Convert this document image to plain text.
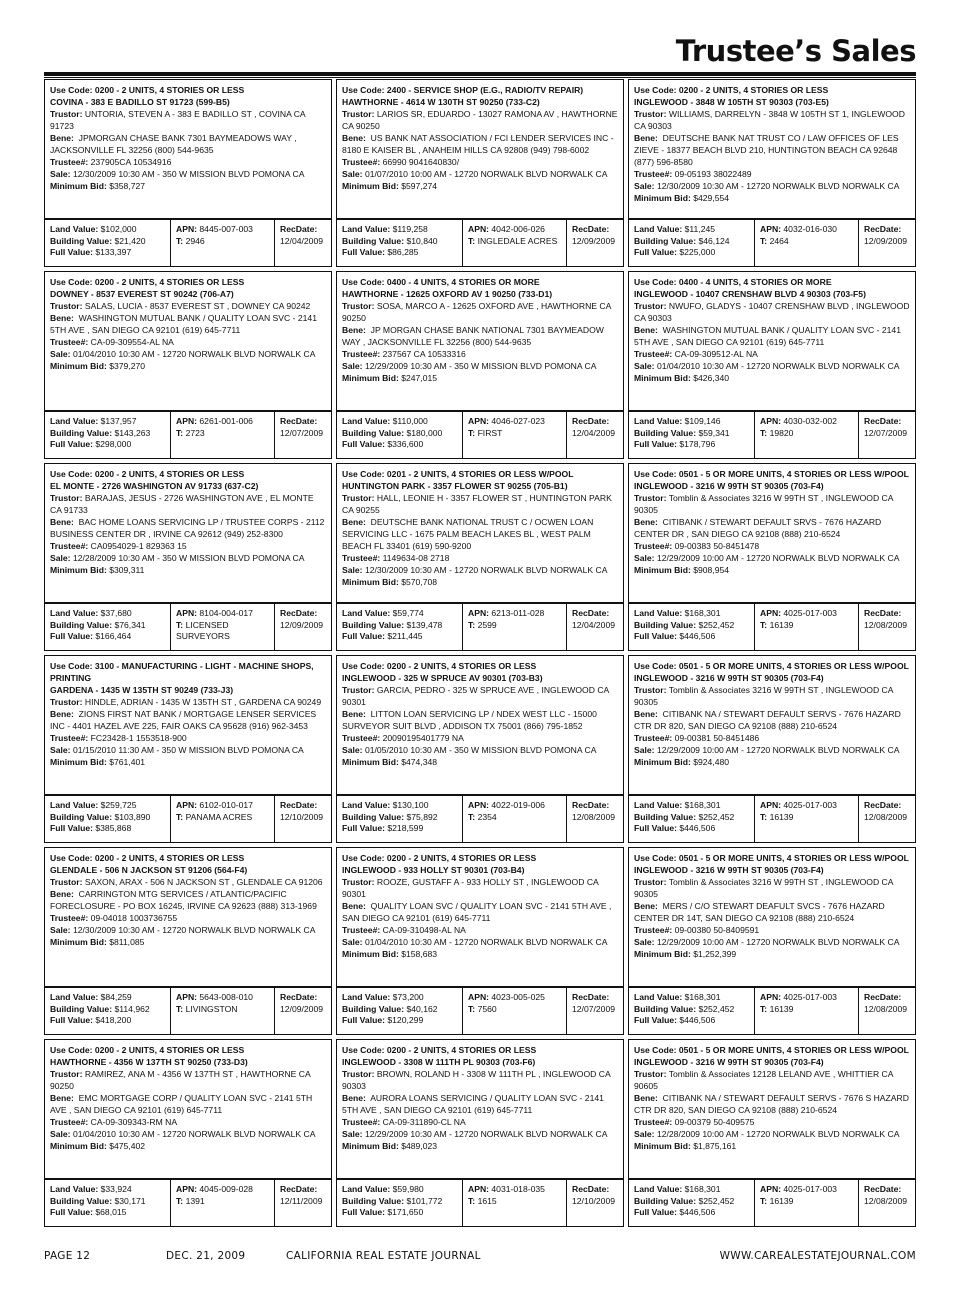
Trustee’s Sales
Use Code: 0200 - 2 UNITS, 4 STORIES OR LESS
COVINA - 383 E BADILLO ST 91723 (599-B5)
Trustor: UNTORIA, STEVEN A - 383 E BADILLO ST , COVINA CA 91723
Bene: JPMORGAN CHASE BANK 7301 BAYMEADOWS WAY , JACKSONVILLE FL 32256 (800) 544-9635
Trustee#: 237905CA 10534916
Sale: 12/30/2009 10:30 AM - 350 W MISSION BLVD POMONA CA
Minimum Bid: $358,727
Land Value: $102,000
Building Value: $21,420
Full Value: $133,397
APN: 8445-007-003
T: 2946
RecDate:
12/04/2009
Use Code: 2400 - SERVICE SHOP (E.G., RADIO/TV REPAIR)
HAWTHORNE - 4614 W 130TH ST 90250 (733-C2)
Trustor: LARIOS SR, EDUARDO - 13027 RAMONA AV , HAWTHORNE CA 90250
Bene: US BANK NAT ASSOCIATION / FCI LENDER SERVICES INC - 8180 E KAISER BL , ANAHEIM HILLS CA 92808 (949) 798-6002
Trustee#: 66990 9041640830/
Sale: 01/07/2010 10:00 AM - 12720 NORWALK BLVD NORWALK CA
Minimum Bid: $597,274
Land Value: $119,258
Building Value: $10,840
Full Value: $86,285
APN: 4042-006-026
T: INGLEDALE ACRES
RecDate:
12/09/2009
Use Code: 0200 - 2 UNITS, 4 STORIES OR LESS
INGLEWOOD - 3848 W 105TH ST 90303 (703-E5)
Trustor: WILLIAMS, DARRELYN - 3848 W 105TH ST 1, INGLEWOOD CA 90303
Bene: DEUTSCHE BANK NAT TRUST CO / LAW OFFICES OF LES ZIEVE - 18377 BEACH BLVD 210, HUNTINGTON BEACH CA 92648 (877) 596-8580
Trustee#: 09-05193 38022489
Sale: 12/30/2009 10:30 AM - 12720 NORWALK BLVD NORWALK CA
Minimum Bid: $429,554
Land Value: $11,245
Building Value: $46,124
Full Value: $225,000
APN: 4032-016-030
T: 2464
RecDate:
12/09/2009
Use Code: 0200 - 2 UNITS, 4 STORIES OR LESS
DOWNEY - 8537 EVEREST ST 90242 (706-A7)
Trustor: SALAS, LUCIA - 8537 EVEREST ST , DOWNEY CA 90242
Bene: WASHINGTON MUTUAL BANK / QUALITY LOAN SVC - 2141 5TH AVE , SAN DIEGO CA 92101 (619) 645-7711
Trustee#: CA-09-309554-AL NA
Sale: 01/04/2010 10:30 AM - 12720 NORWALK BLVD NORWALK CA
Minimum Bid: $379,270
Land Value: $137,957
Building Value: $143,263
Full Value: $298,000
APN: 6261-001-006
T: 2723
RecDate:
12/07/2009
Use Code: 0400 - 4 UNITS, 4 STORIES OR MORE
HAWTHORNE - 12625 OXFORD AV 1 90250 (733-D1)
Trustor: SOSA, MARCO A - 12625 OXFORD AVE , HAWTHORNE CA 90250
Bene: JP MORGAN CHASE BANK NATIONAL 7301 BAYMEADOW WAY , JACKSONVILLE FL 32256 (800) 544-9635
Trustee#: 237567 CA 10533316
Sale: 12/29/2009 10:30 AM - 350 W MISSION BLVD POMONA CA
Minimum Bid: $247,015
Land Value: $110,000
Building Value: $180,000
Full Value: $336,600
APN: 4046-027-023
T: FIRST
RecDate:
12/04/2009
Use Code: 0400 - 4 UNITS, 4 STORIES OR MORE
INGLEWOOD - 10407 CRENSHAW BLVD 4 90303 (703-F5)
Trustor: NWUFO, GLADYS - 10407 CRENSHAW BLVD , INGLEWOOD CA 90303
Bene: WASHINGTON MUTUAL BANK / QUALITY LOAN SVC - 2141 5TH AVE , SAN DIEGO CA 92101 (619) 645-7711
Trustee#: CA-09-309512-AL NA
Sale: 01/04/2010 10:30 AM - 12720 NORWALK BLVD NORWALK CA
Minimum Bid: $426,340
Land Value: $109,146
Building Value: $59,341
Full Value: $178,796
APN: 4030-032-002
T: 19820
RecDate:
12/07/2009
Use Code: 0200 - 2 UNITS, 4 STORIES OR LESS
EL MONTE - 2726 WASHINGTON AV 91733 (637-C2)
Trustor: BARAJAS, JESUS - 2726 WASHINGTON AVE , EL MONTE CA 91733
Bene: BAC HOME LOANS SERVICING LP / TRUSTEE CORPS - 2112 BUSINESS CENTER DR , IRVINE CA 92612 (949) 252-8300
Trustee#: CA0954029-1 829363 15
Sale: 12/28/2009 10:30 AM - 350 W MISSION BLVD POMONA CA
Minimum Bid: $309,311
Land Value: $37,680
Building Value: $76,341
Full Value: $166,464
APN: 8104-004-017
T: LICENSED SURVEYORS
RecDate:
12/09/2009
Use Code: 0201 - 2 UNITS, 4 STORIES OR LESS W/POOL
HUNTINGTON PARK - 3357 FLOWER ST 90255 (705-B1)
Trustor: HALL, LEONIE H - 3357 FLOWER ST , HUNTINGTON PARK CA 90255
Bene: DEUTSCHE BANK NATIONAL TRUST C / OCWEN LOAN SERVICING LLC - 1675 PALM BEACH LAKES BL , WEST PALM BEACH FL 33401 (619) 590-9200
Trustee#: 1149634-08 2718
Sale: 12/30/2009 10:30 AM - 12720 NORWALK BLVD NORWALK CA
Minimum Bid: $570,708
Land Value: $59,774
Building Value: $139,478
Full Value: $211,445
APN: 6213-011-028
T: 2599
RecDate:
12/04/2009
Use Code: 0501 - 5 OR MORE UNITS, 4 STORIES OR LESS W/POOL
INGLEWOOD - 3216 W 99TH ST 90305 (703-F4)
Trustor: Tomblin & Associates 3216 W 99TH ST , INGLEWOOD CA 90305
Bene: CITIBANK / STEWART DEFAULT SRVS - 7676 HAZARD CENTER DR , SAN DIEGO CA 92108 (888) 210-6524
Trustee#: 09-00383 50-8451478
Sale: 12/29/2009 10:00 AM - 12720 NORWALK BLVD NORWALK CA
Minimum Bid: $908,954
Land Value: $168,301
Building Value: $252,452
Full Value: $446,506
APN: 4025-017-003
T: 16139
RecDate:
12/08/2009
Use Code: 3100 - MANUFACTURING - LIGHT - MACHINE SHOPS, PRINTING
GARDENA - 1435 W 135TH ST 90249 (733-J3)
Trustor: HINDLE, ADRIAN - 1435 W 135TH ST , GARDENA CA 90249
Bene: ZIONS FIRST NAT BANK / MORTGAGE LENSER SERVICES INC - 4401 HAZEL AVE 225, FAIR OAKS CA 95628 (916) 962-3453
Trustee#: FC23428-1 1553518-900
Sale: 01/15/2010 11:30 AM - 350 W MISSION BLVD POMONA CA
Minimum Bid: $761,401
Land Value: $259,725
Building Value: $103,890
Full Value: $385,868
APN: 6102-010-017
T: PANAMA ACRES
RecDate:
12/10/2009
Use Code: 0200 - 2 UNITS, 4 STORIES OR LESS
INGLEWOOD - 325 W SPRUCE AV 90301 (703-B3)
Trustor: GARCIA, PEDRO - 325 W SPRUCE AVE , INGLEWOOD CA 90301
Bene: LITTON LOAN SERVICING LP / NDEX WEST LLC - 15000 SURVEYOR SUIT BLVD , ADDISON TX 75001 (866) 795-1852
Trustee#: 20090195401779 NA
Sale: 01/05/2010 10:30 AM - 350 W MISSION BLVD POMONA CA
Minimum Bid: $474,348
Land Value: $130,100
Building Value: $75,892
Full Value: $218,599
APN: 4022-019-006
T: 2354
RecDate:
12/08/2009
Use Code: 0501 - 5 OR MORE UNITS, 4 STORIES OR LESS W/POOL
INGLEWOOD - 3216 W 99TH ST 90305 (703-F4)
Trustor: Tomblin & Associates 3216 W 99TH ST , INGLEWOOD CA 90305
Bene: CITIBANK NA / STEWART DEFAULT SERVS - 7676 HAZARD CTR DR 820, SAN DIEGO CA 92108 (888) 210-6524
Trustee#: 09-00381 50-8451486
Sale: 12/29/2009 10:00 AM - 12720 NORWALK BLVD NORWALK CA
Minimum Bid: $924,480
Land Value: $168,301
Building Value: $252,452
Full Value: $446,506
APN: 4025-017-003
T: 16139
RecDate:
12/08/2009
Use Code: 0200 - 2 UNITS, 4 STORIES OR LESS
GLENDALE - 506 N JACKSON ST 91206 (564-F4)
Trustor: SAXON, ARAX - 506 N JACKSON ST , GLENDALE CA 91206
Bene: CARRINGTON MTG SERVICES / ATLANTIC/PACIFIC FORECLOSURE - PO BOX 16245, IRVINE CA 92623 (888) 313-1969
Trustee#: 09-04018 1003736755
Sale: 12/30/2009 10:30 AM - 12720 NORWALK BLVD NORWALK CA
Minimum Bid: $811,085
Land Value: $84,259
Building Value: $114,962
Full Value: $418,200
APN: 5643-008-010
T: LIVINGSTON
RecDate:
12/09/2009
Use Code: 0200 - 2 UNITS, 4 STORIES OR LESS
INGLEWOOD - 933 HOLLY ST 90301 (703-B4)
Trustor: ROOZE, GUSTAFF A - 933 HOLLY ST , INGLEWOOD CA 90301
Bene: QUALITY LOAN SVC / QUALITY LOAN SVC - 2141 5TH AVE , SAN DIEGO CA 92101 (619) 645-7711
Trustee#: CA-09-310498-AL NA
Sale: 01/04/2010 10:30 AM - 12720 NORWALK BLVD NORWALK CA
Minimum Bid: $158,683
Land Value: $73,200
Building Value: $40,162
Full Value: $120,299
APN: 4023-005-025
T: 7560
RecDate:
12/07/2009
Use Code: 0501 - 5 OR MORE UNITS, 4 STORIES OR LESS W/POOL
INGLEWOOD - 3216 W 99TH ST 90305 (703-F4)
Trustor: Tomblin & Associates 3216 W 99TH ST , INGLEWOOD CA 90305
Bene: MERS / C/O STEWART DEAFULT SVCS - 7676 HAZARD CENTER DR 14T, SAN DIEGO CA 92108 (888) 210-6524
Trustee#: 09-00380 50-8409591
Sale: 12/29/2009 10:00 AM - 12720 NORWALK BLVD NORWALK CA
Minimum Bid: $1,252,399
Land Value: $168,301
Building Value: $252,452
Full Value: $446,506
APN: 4025-017-003
T: 16139
RecDate:
12/08/2009
Use Code: 0200 - 2 UNITS, 4 STORIES OR LESS
HAWTHORNE - 4356 W 137TH ST 90250 (733-D3)
Trustor: RAMIREZ, ANA M - 4356 W 137TH ST , HAWTHORNE CA 90250
Bene: EMC MORTGAGE CORP / QUALITY LOAN SVC - 2141 5TH AVE , SAN DIEGO CA 92101 (619) 645-7711
Trustee#: CA-09-309343-RM NA
Sale: 01/04/2010 10:30 AM - 12720 NORWALK BLVD NORWALK CA
Minimum Bid: $475,402
Land Value: $33,924
Building Value: $30,171
Full Value: $68,015
APN: 4045-009-028
T: 1391
RecDate:
12/11/2009
Use Code: 0200 - 2 UNITS, 4 STORIES OR LESS
INGLEWOOD - 3308 W 111TH PL 90303 (703-F6)
Trustor: BROWN, ROLAND H - 3308 W 111TH PL , INGLEWOOD CA 90303
Bene: AURORA LOANS SERVICING / QUALITY LOAN SVC - 2141 5TH AVE , SAN DIEGO CA 92101 (619) 645-7711
Trustee#: CA-09-311890-CL NA
Sale: 12/29/2009 10:30 AM - 12720 NORWALK BLVD NORWALK CA
Minimum Bid: $489,023
Land Value: $59,980
Building Value: $101,772
Full Value: $171,650
APN: 4031-018-035
T: 1615
RecDate:
12/10/2009
Use Code: 0501 - 5 OR MORE UNITS, 4 STORIES OR LESS W/POOL
INGLEWOOD - 3216 W 99TH ST 90305 (703-F4)
Trustor: Tomblin & Associates 12128 LELAND AVE , WHITTIER CA 90605
Bene: CITIBANK NA / STEWART DEFAULT SERVS - 7676 S HAZARD CTR DR 820, SAN DIEGO CA 92108 (888) 210-6524
Trustee#: 09-00379 50-409575
Sale: 12/28/2009 10:00 AM - 12720 NORWALK BLVD NORWALK CA
Minimum Bid: $1,875,161
Land Value: $168,301
Building Value: $252,452
Full Value: $446,506
APN: 4025-017-003
T: 16139
RecDate:
12/08/2009
PAGE 12	DEC. 21, 2009	CALIFORNIA REAL ESTATE JOURNAL	WWW.CAREALESTATEJOURNAL.COM
